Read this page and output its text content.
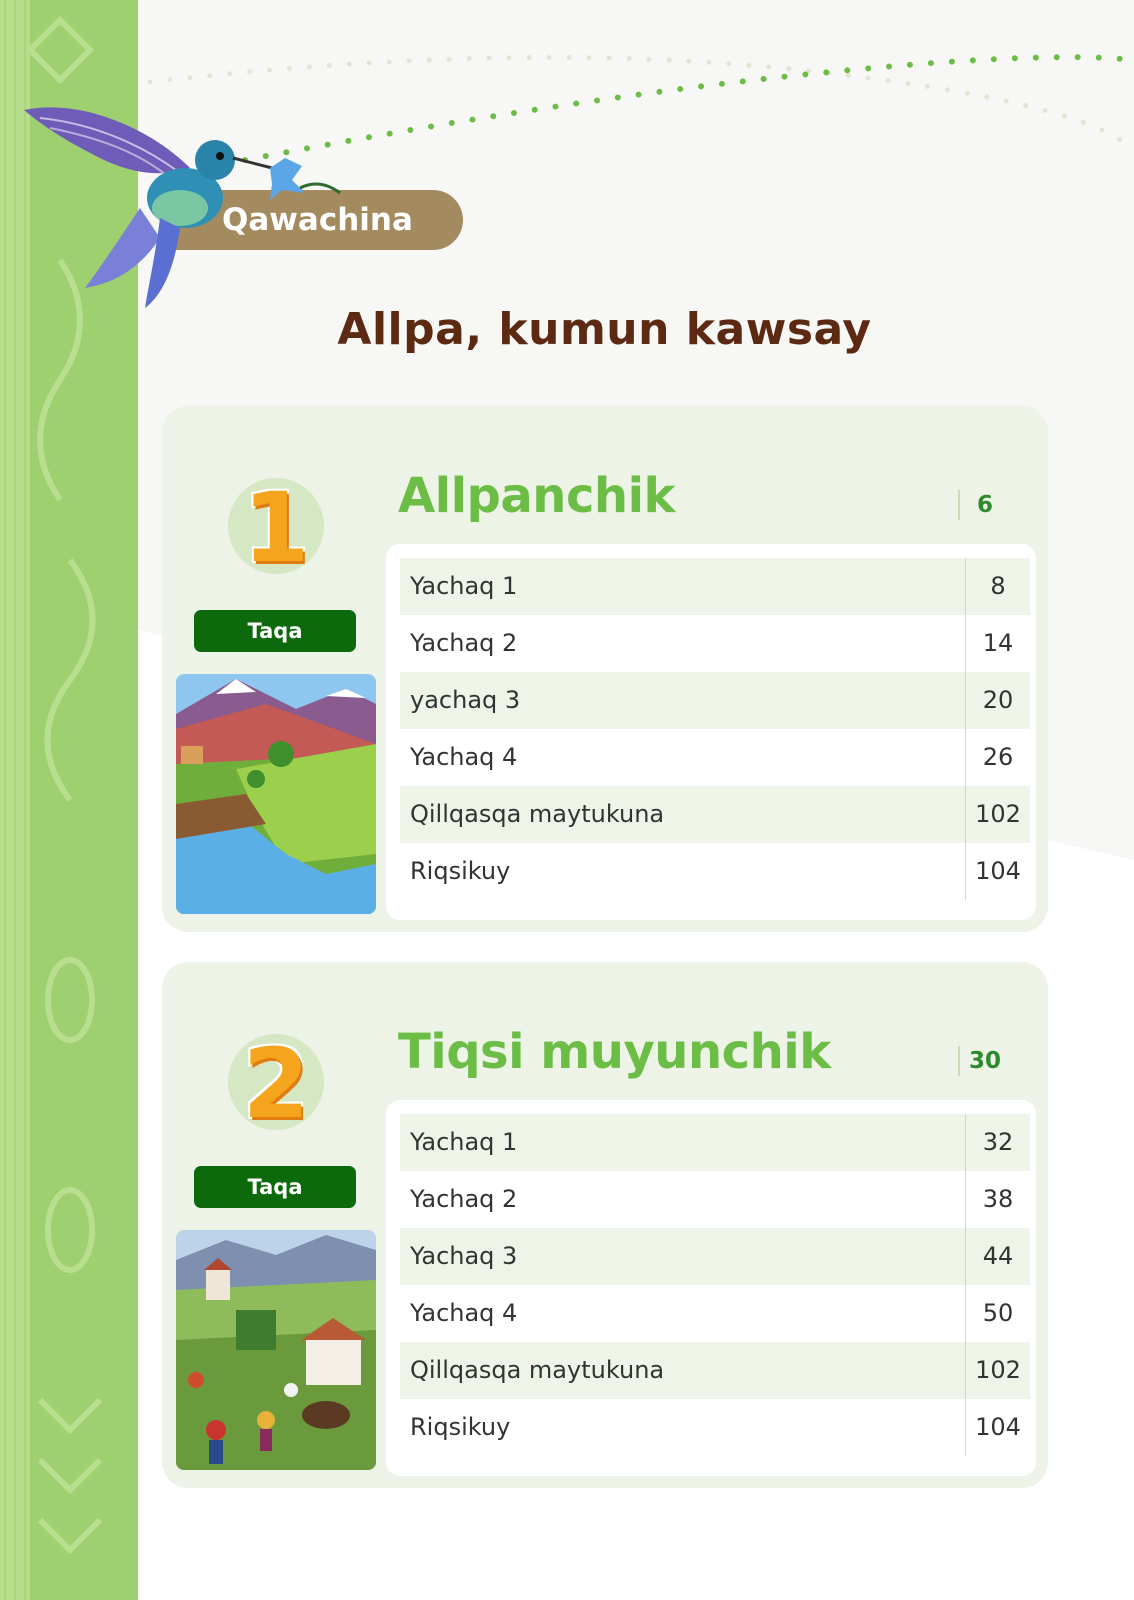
Qawachina
Allpa, kumun kawsay
1
Taqa
Allpanchik	6
Yachaq 1	8
Yachaq 2	14
yachaq 3	20
Yachaq 4	26
Qillqasqa maytukuna	102
Riqsikuy	104
2
Taqa
Tiqsi muyunchik	30
Yachaq 1	32
Yachaq 2	38
Yachaq 3	44
Yachaq 4	50
Qillqasqa maytukuna	102
Riqsikuy	104
